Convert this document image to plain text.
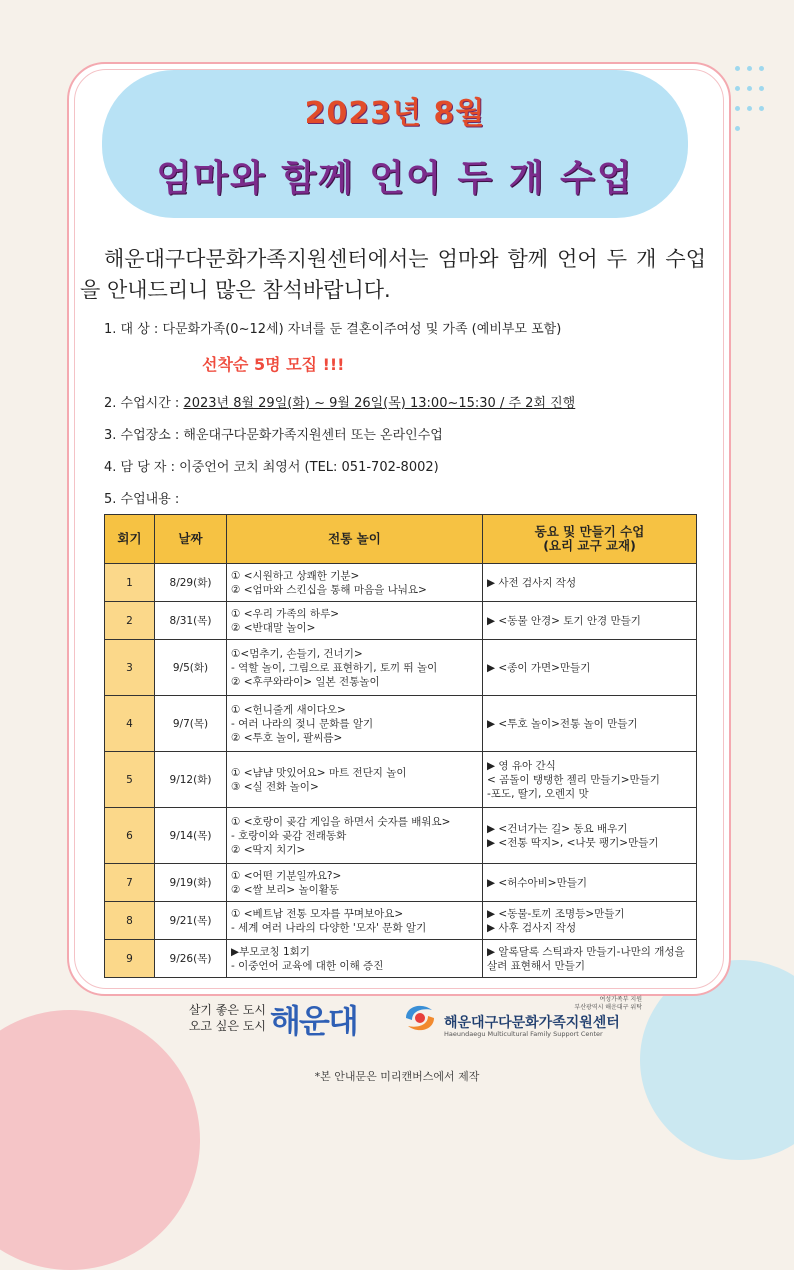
2023년 8월
엄마와 함께 언어 두 개 수업
해운대구다문화가족지원센터에서는 엄마와 함께 언어 두 개 수업을 안내드리니 많은 참석바랍니다.
1. 대 상 : 다문화가족(0~12세) 자녀를 둔 결혼이주여성 및 가족 (예비부모 포함)
선착순 5명 모집 !!!
2. 수업시간 : 2023년 8월 29일(화) ~ 9월 26일(목) 13:00~15:30 / 주 2회 진행
3. 수업장소 : 해운대구다문화가족지원센터 또는 온라인수업
4. 담 당 자 : 이중언어 코치 최영서 (TEL: 051-702-8002)
5. 수업내용 :
회기	날짜	전통 놀이	동요 및 만들기 수업
(요리 교구 교재)
1	8/29(화)	① <시원하고 상쾌한 기분>
② <엄마와 스킨십을 통해 마음을 나눠요>	▶ 사전 검사지 작성
2	8/31(목)	① <우리 가족의 하루>
② <반대말 놀이>	▶ <동물 안경> 토기 안경 만들기
3	9/5(화)	①<멈추기, 손들기, 건너기>
- 역할 놀이, 그림으로 표현하기, 토끼 뛰 놀이
② <후쿠와라이> 일본 전통놀이	▶ <종이 가면>만들기
4	9/7(목)	① <헌니줄게 새이다오>
- 여러 나라의 젖니 문화를 알기
② <투호 놀이, 팔씨름>	▶ <투호 놀이>전통 놀이 만들기
5	9/12(화)	① <냠냠 맛있어요> 마트 전단지 놀이
③ <실 전화 놀이>	▶ 영 유아 간식
< 곰돌이 탱탱한 젤리 만들기>만들기
-포도, 딸기, 오렌지 맛
6	9/14(목)	① <호랑이 곶감 게임을 하면서 숫자를 배워요>
- 호랑이와 곶감 전래동화
② <딱지 치기>	▶ <건너가는 길> 동요 배우기
▶ <전통 딱지>, <나뭇 팽기>만들기
7	9/19(화)	① <어떤 기분일까요?>
② <쌀 보리> 놀이활동	▶ <허수아비>만들기
8	9/21(목)	① <베트남 전통 모자를 꾸며보아요>
- 세계 여러 나라의 다양한 '모자' 문화 알기	▶ <동물-토끼 조명등>만들기
▶ 사후 검사지 작성
9	9/26(목)	▶부모코칭 1회기
- 이중언어 교육에 대한 이해 증진	▶ 알록달록 스틱과자 만들기-나만의 개성을 살려 표현해서 만들기
살기 좋은 도시
오고 싶은 도시 해운대
여성가족부 지원
부산광역시 해운대구 위탁
해운대구다문화가족지원센터
Haeundaegu Multicultural Family Support Center
*본 안내문은 미리캔버스에서 제작
